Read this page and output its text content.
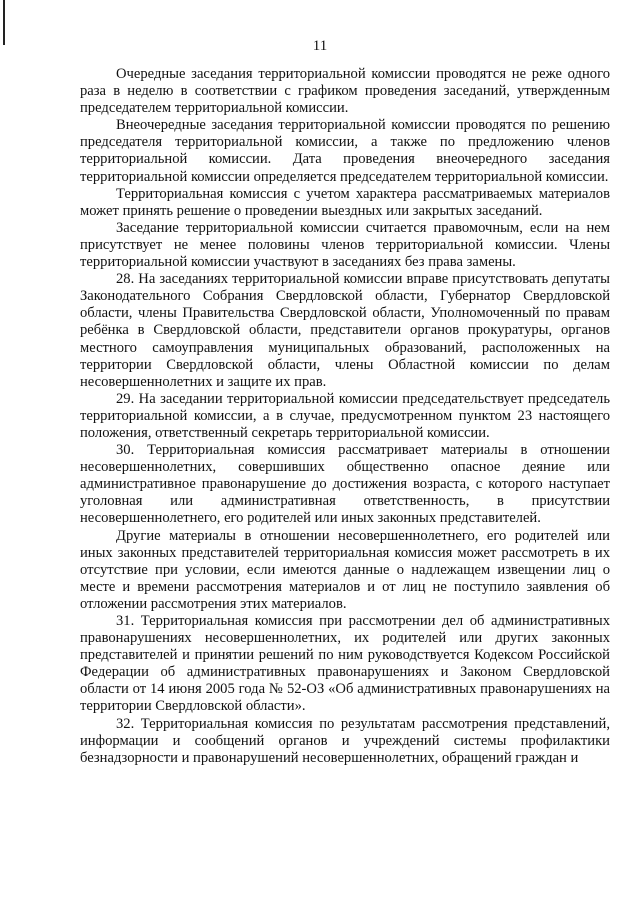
11

Очередные заседания территориальной комиссии проводятся не реже одного раза в неделю в соответствии с графиком проведения заседаний, утвержденным председателем территориальной комиссии.

Внеочередные заседания территориальной комиссии проводятся по решению председателя территориальной комиссии, а также по предложению членов территориальной комиссии. Дата проведения внеочередного заседания территориальной комиссии определяется председателем территориальной комиссии.

Территориальная комиссия с учетом характера рассматриваемых материалов может принять решение о проведении выездных или закрытых заседаний.

Заседание территориальной комиссии считается правомочным, если на нем присутствует не менее половины членов территориальной комиссии. Члены территориальной комиссии участвуют в заседаниях без права замены.

28. На заседаниях территориальной комиссии вправе присутствовать депутаты Законодательного Собрания Свердловской области, Губернатор Свердловской области, члены Правительства Свердловской области, Уполномоченный по правам ребёнка в Свердловской области, представители органов прокуратуры, органов местного самоуправления муниципальных образований, расположенных на территории Свердловской области, члены Областной комиссии по делам несовершеннолетних и защите их прав.

29. На заседании территориальной комиссии председательствует председатель территориальной комиссии, а в случае, предусмотренном пунктом 23 настоящего положения, ответственный секретарь территориальной комиссии.

30. Территориальная комиссия рассматривает материалы в отношении несовершеннолетних, совершивших общественно опасное деяние или административное правонарушение до достижения возраста, с которого наступает уголовная или административная ответственность, в присутствии несовершеннолетнего, его родителей или иных законных представителей.

Другие материалы в отношении несовершеннолетнего, его родителей или иных законных представителей территориальная комиссия может рассмотреть в их отсутствие при условии, если имеются данные о надлежащем извещении лиц о месте и времени рассмотрения материалов и от лиц не поступило заявления об отложении рассмотрения этих материалов.

31. Территориальная комиссия при рассмотрении дел об административных правонарушениях несовершеннолетних, их родителей или других законных представителей и принятии решений по ним руководствуется Кодексом Российской Федерации об административных правонарушениях и Законом Свердловской области от 14 июня 2005 года № 52-ОЗ «Об административных правонарушениях на территории Свердловской области».

32. Территориальная комиссия по результатам рассмотрения представлений, информации и сообщений органов и учреждений системы профилактики безнадзорности и правонарушений несовершеннолетних, обращений граждан и
